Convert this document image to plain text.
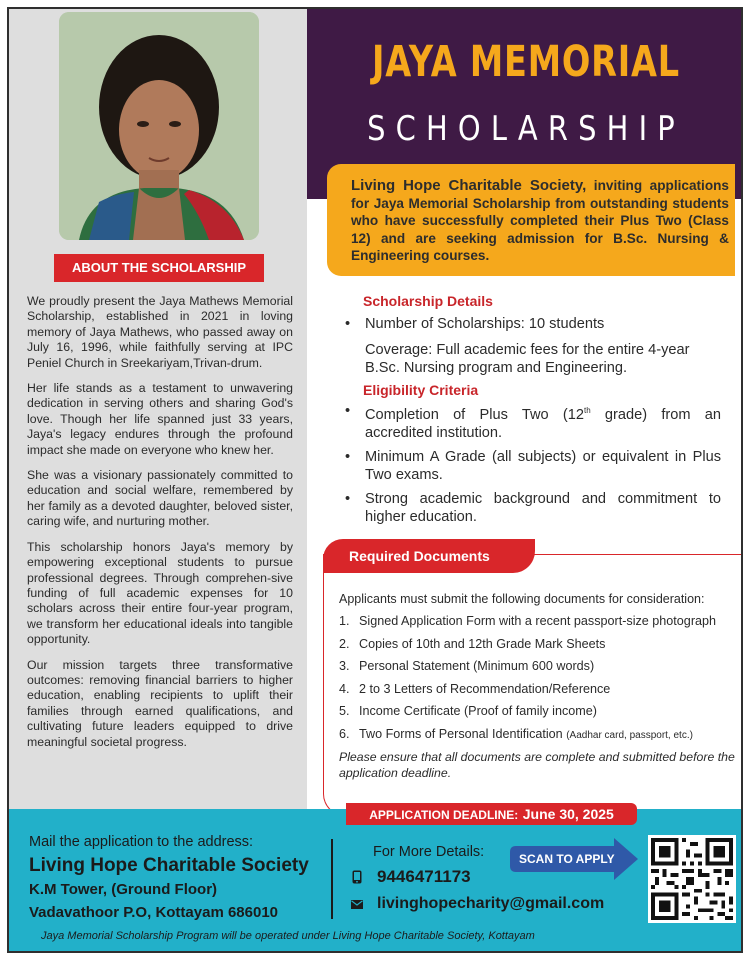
ABOUT THE SCHOLARSHIP

We proudly present the Jaya Mathews Memorial Scholarship, established in 2021 in loving memory of Jaya Mathews, who passed away on July 16, 1996, while faithfully serving at IPC Peniel Church in Sreekariyam,Trivan-drum.

Her life stands as a testament to unwavering dedication in serving others and sharing God's love. Though her life spanned just 33 years, Jaya's legacy endures through the profound impact she made on everyone who knew her.

She was a visionary passionately committed to education and social welfare, remembered by her family as a devoted daughter, beloved sister, caring wife, and nurturing mother.

This scholarship honors Jaya's memory by empowering exceptional students to pursue professional degrees. Through comprehen-sive funding of full academic expenses for 10 scholars across their entire four-year program, we transform her educational ideals into tangible opportunity.

Our mission targets three transformative outcomes: removing financial barriers to higher education, enabling recipients to uplift their families through earned qualifications, and cultivating future leaders equipped to drive meaningful societal progress.

JAYA MEMORIAL
SCHOLARSHIP
Living Hope Charitable Society, inviting applications for Jaya Memorial Scholarship from outstanding students who have successfully completed their Plus Two (Class 12) and are seeking admission for B.Sc. Nursing & Engineering courses.
Scholarship Details
• Number of Scholarships: 10 students
Coverage: Full academic fees for the entire 4-year B.Sc. Nursing program and Engineering.
Eligibility Criteria
• Completion of Plus Two (12th grade) from an accredited institution.
• Minimum A Grade (all subjects) or equivalent in Plus Two exams.
• Strong academic background and commitment to higher education.
Required Documents
Applicants must submit the following documents for consideration:
1. Signed Application Form with a recent passport-size photograph
2. Copies of 10th and 12th Grade Mark Sheets
3. Personal Statement (Minimum 600 words)
4. 2 to 3 Letters of Recommendation/Reference
5. Income Certificate (Proof of family income)
6. Two Forms of Personal Identification (Aadhar card, passport, etc.)
Please ensure that all documents are complete and submitted before the application deadline.
APPLICATION DEADLINE: June 30, 2025
Mail the application to the address:
Living Hope Charitable Society
K.M Tower, (Ground Floor)
Vadavathoor P.O, Kottayam 686010
For More Details:
9446471173
livinghopecharity@gmail.com
SCAN TO APPLY
Jaya Memorial Scholarship Program will be operated under Living Hope Charitable Society, Kottayam
